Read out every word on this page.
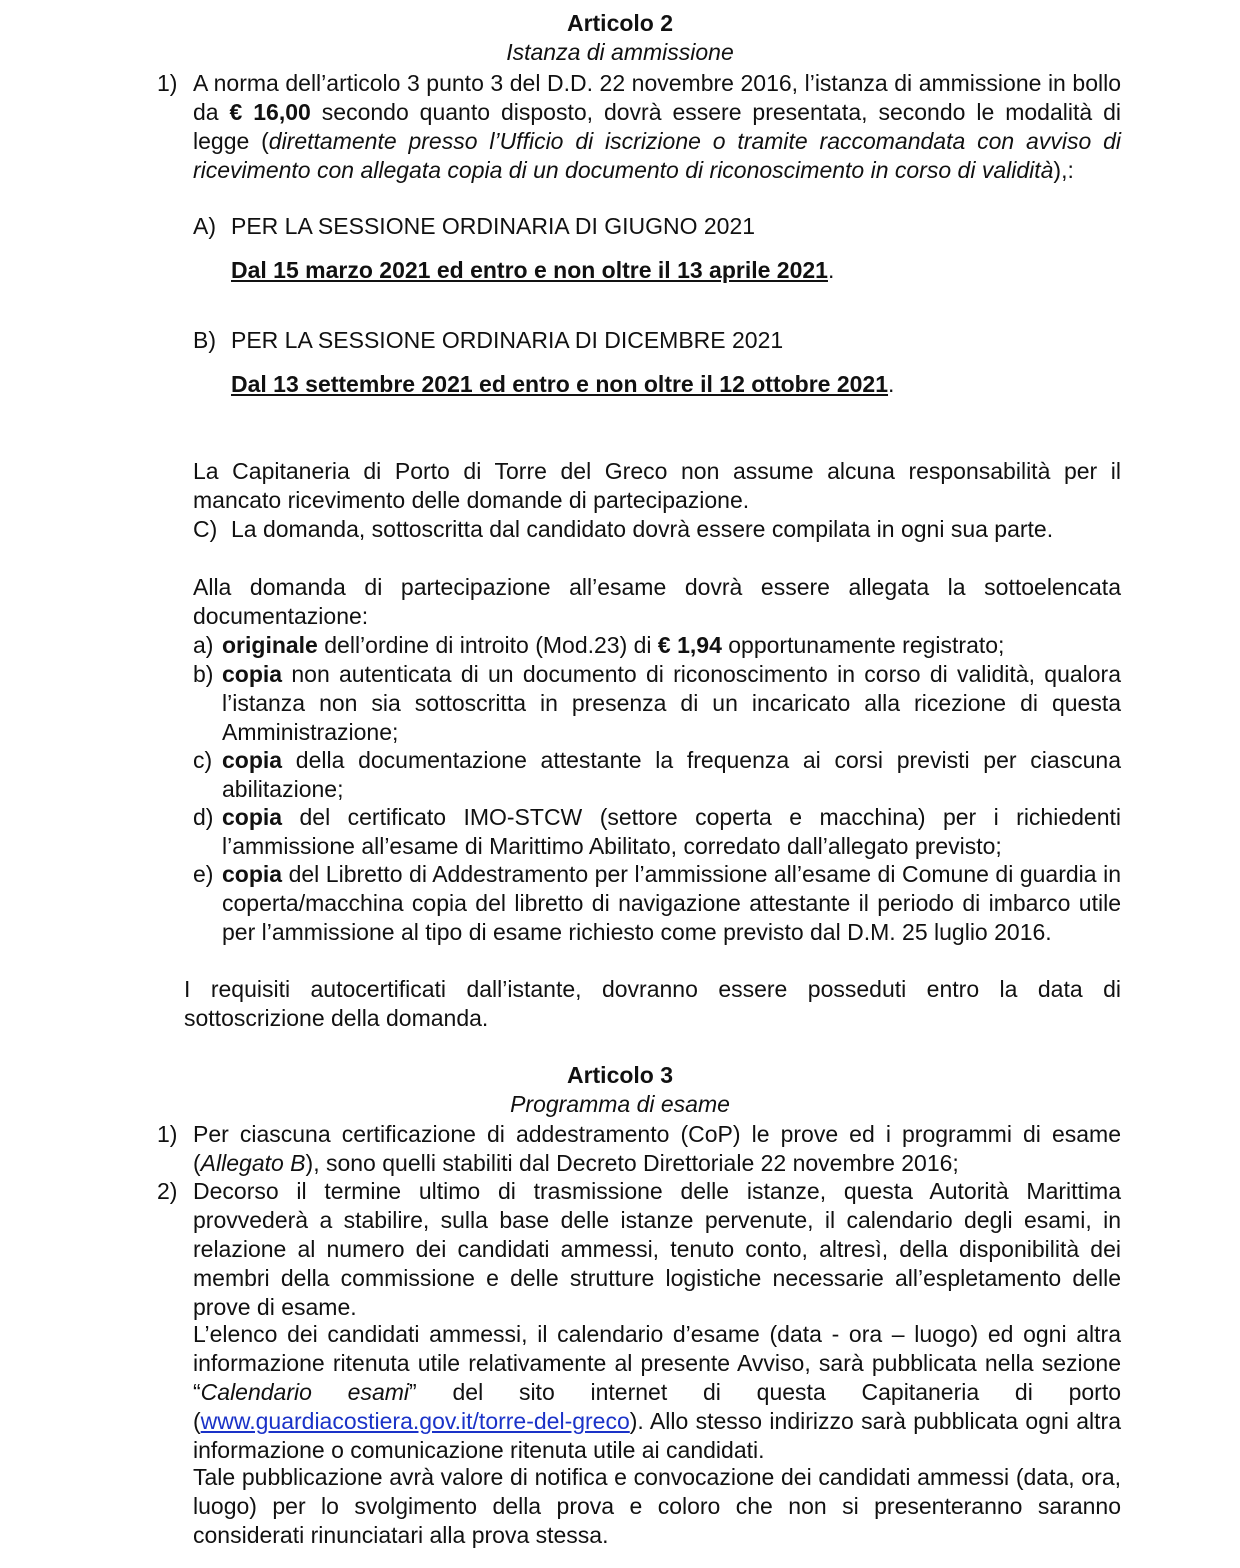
Articolo 2
Istanza di ammissione
1) A norma dell’articolo 3 punto 3 del D.D. 22 novembre 2016, l’istanza di ammissione in bollo da € 16,00 secondo quanto disposto, dovrà essere presentata, secondo le modalità di legge (direttamente presso l’Ufficio di iscrizione o tramite raccomandata con avviso di ricevimento con allegata copia di un documento di riconoscimento in corso di validità),:
A) PER LA SESSIONE ORDINARIA DI GIUGNO 2021
Dal 15 marzo 2021 ed entro e non oltre il 13 aprile 2021.
B) PER LA SESSIONE ORDINARIA DI DICEMBRE 2021
Dal 13 settembre 2021 ed entro e non oltre il 12 ottobre 2021.
La Capitaneria di Porto di Torre del Greco non assume alcuna responsabilità per il mancato ricevimento delle domande di partecipazione.
C) La domanda, sottoscritta dal candidato dovrà essere compilata in ogni sua parte.
Alla domanda di partecipazione all’esame dovrà essere allegata la sottoelencata documentazione:
a) originale dell’ordine di introito (Mod.23) di € 1,94 opportunamente registrato;
b) copia non autenticata di un documento di riconoscimento in corso di validità, qualora l’istanza non sia sottoscritta in presenza di un incaricato alla ricezione di questa Amministrazione;
c) copia della documentazione attestante la frequenza ai corsi previsti per ciascuna abilitazione;
d) copia del certificato IMO-STCW (settore coperta e macchina) per i richiedenti l’ammissione all’esame di Marittimo Abilitato, corredato dall’allegato previsto;
e) copia del Libretto di Addestramento per l’ammissione all’esame di Comune di guardia in coperta/macchina copia del libretto di navigazione attestante il periodo di imbarco utile per l’ammissione al tipo di esame richiesto come previsto dal D.M. 25 luglio 2016.
I requisiti autocertificati dall’istante, dovranno essere posseduti entro la data di sottoscrizione della domanda.
Articolo 3
Programma di esame
1) Per ciascuna certificazione di addestramento (CoP) le prove ed i programmi di esame (Allegato B), sono quelli stabiliti dal Decreto Direttoriale 22 novembre 2016;
2) Decorso il termine ultimo di trasmissione delle istanze, questa Autorità Marittima provvederà a stabilire, sulla base delle istanze pervenute, il calendario degli esami, in relazione al numero dei candidati ammessi, tenuto conto, altresì, della disponibilità dei membri della commissione e delle strutture logistiche necessarie all’espletamento delle prove di esame.
L’elenco dei candidati ammessi, il calendario d’esame (data - ora – luogo) ed ogni altra informazione ritenuta utile relativamente al presente Avviso, sarà pubblicata nella sezione “Calendario esami” del sito internet di questa Capitaneria di porto (www.guardiacostiera.gov.it/torre-del-greco). Allo stesso indirizzo sarà pubblicata ogni altra informazione o comunicazione ritenuta utile ai candidati.
Tale pubblicazione avrà valore di notifica e convocazione dei candidati ammessi (data, ora, luogo) per lo svolgimento della prova e coloro che non si presenteranno saranno considerati rinunciatari alla prova stessa.
